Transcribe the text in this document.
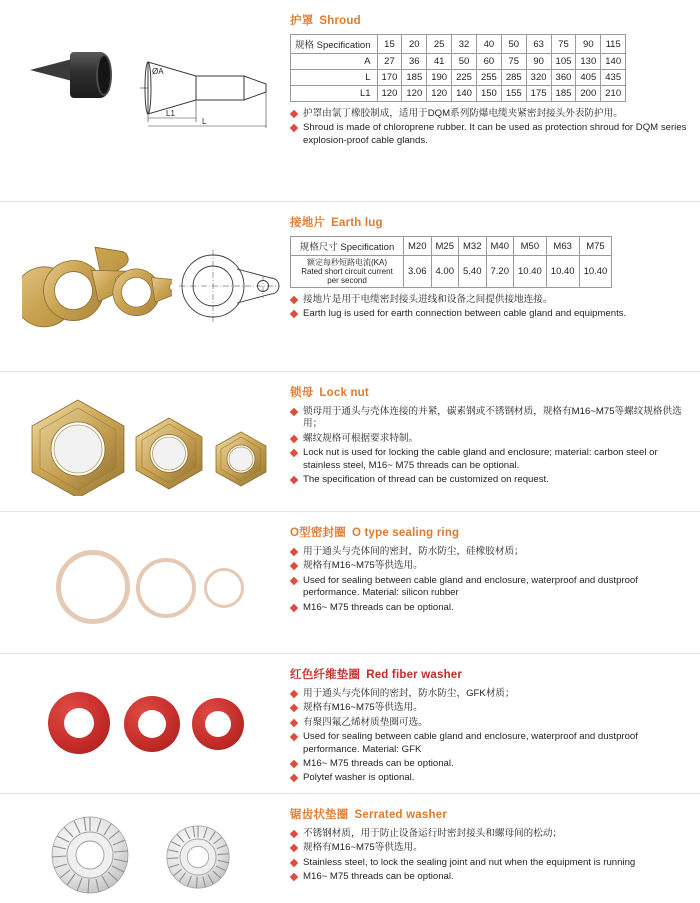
ØA
L1
L
护罩 Shroud
规格 Specification	15	20	25	32	40	50	63	75	90	115
A	27	36	41	50	60	75	90	105	130	140
L	170	185	190	225	255	285	320	360	405	435
L1	120	120	120	140	150	155	175	185	200	210
护罩由氯丁橡胶制成，适用于DQM系列防爆电缆夹紧密封接头外表防护用。
Shroud is made of chloroprene rubber. It can be used as protection shroud for DQM series explosion-proof cable glands.
接地片 Earth lug
规格尺寸 Specification	M20	M25	M32	M40	M50	M63	M75
额定每秒短路电流(KA)
Rated short circuit current
per second	3.06	4.00	5.40	7.20	10.40	10.40	10.40
接地片是用于电缆密封接头进线和设备之间提供接地连接。
Earth lug is used for earth connection between cable gland and equipments.
锁母 Lock nut
锁母用于通头与壳体连接的并紧，碳素钢或不锈钢材质，规格有M16~M75等螺纹规格供选用；
螺纹规格可根据要求特制。
Lock nut is used for locking the cable gland and enclosure; material: carbon steel or stainless steel, M16~ M75 threads can be optional.
The specification of thread can be customized on request.
O型密封圈 O type sealing ring
用于通头与壳体间的密封，防水防尘，硅橡胶材质；
规格有M16~M75等供选用。
Used for sealing between cable gland and enclosure, waterproof and dustproof performance. Material: silicon rubber
M16~ M75 threads can be optional.
红色纤维垫圈 Red fiber washer
用于通头与壳体间的密封，防水防尘，GFK材质；
规格有M16~M75等供选用。
有聚四氟乙烯材质垫圈可选。
Used for sealing between cable gland and enclosure, waterproof and dustproof performance. Material: GFK
M16~ M75 threads can be optional.
Polytef washer is optional.
锯齿状垫圈 Serrated washer
不锈钢材质，用于防止设备运行时密封接头和螺母间的松动；
规格有M16~M75等供选用。
Stainless steel, to lock the sealing joint and nut when the equipment is running
M16~ M75 threads can be optional.
